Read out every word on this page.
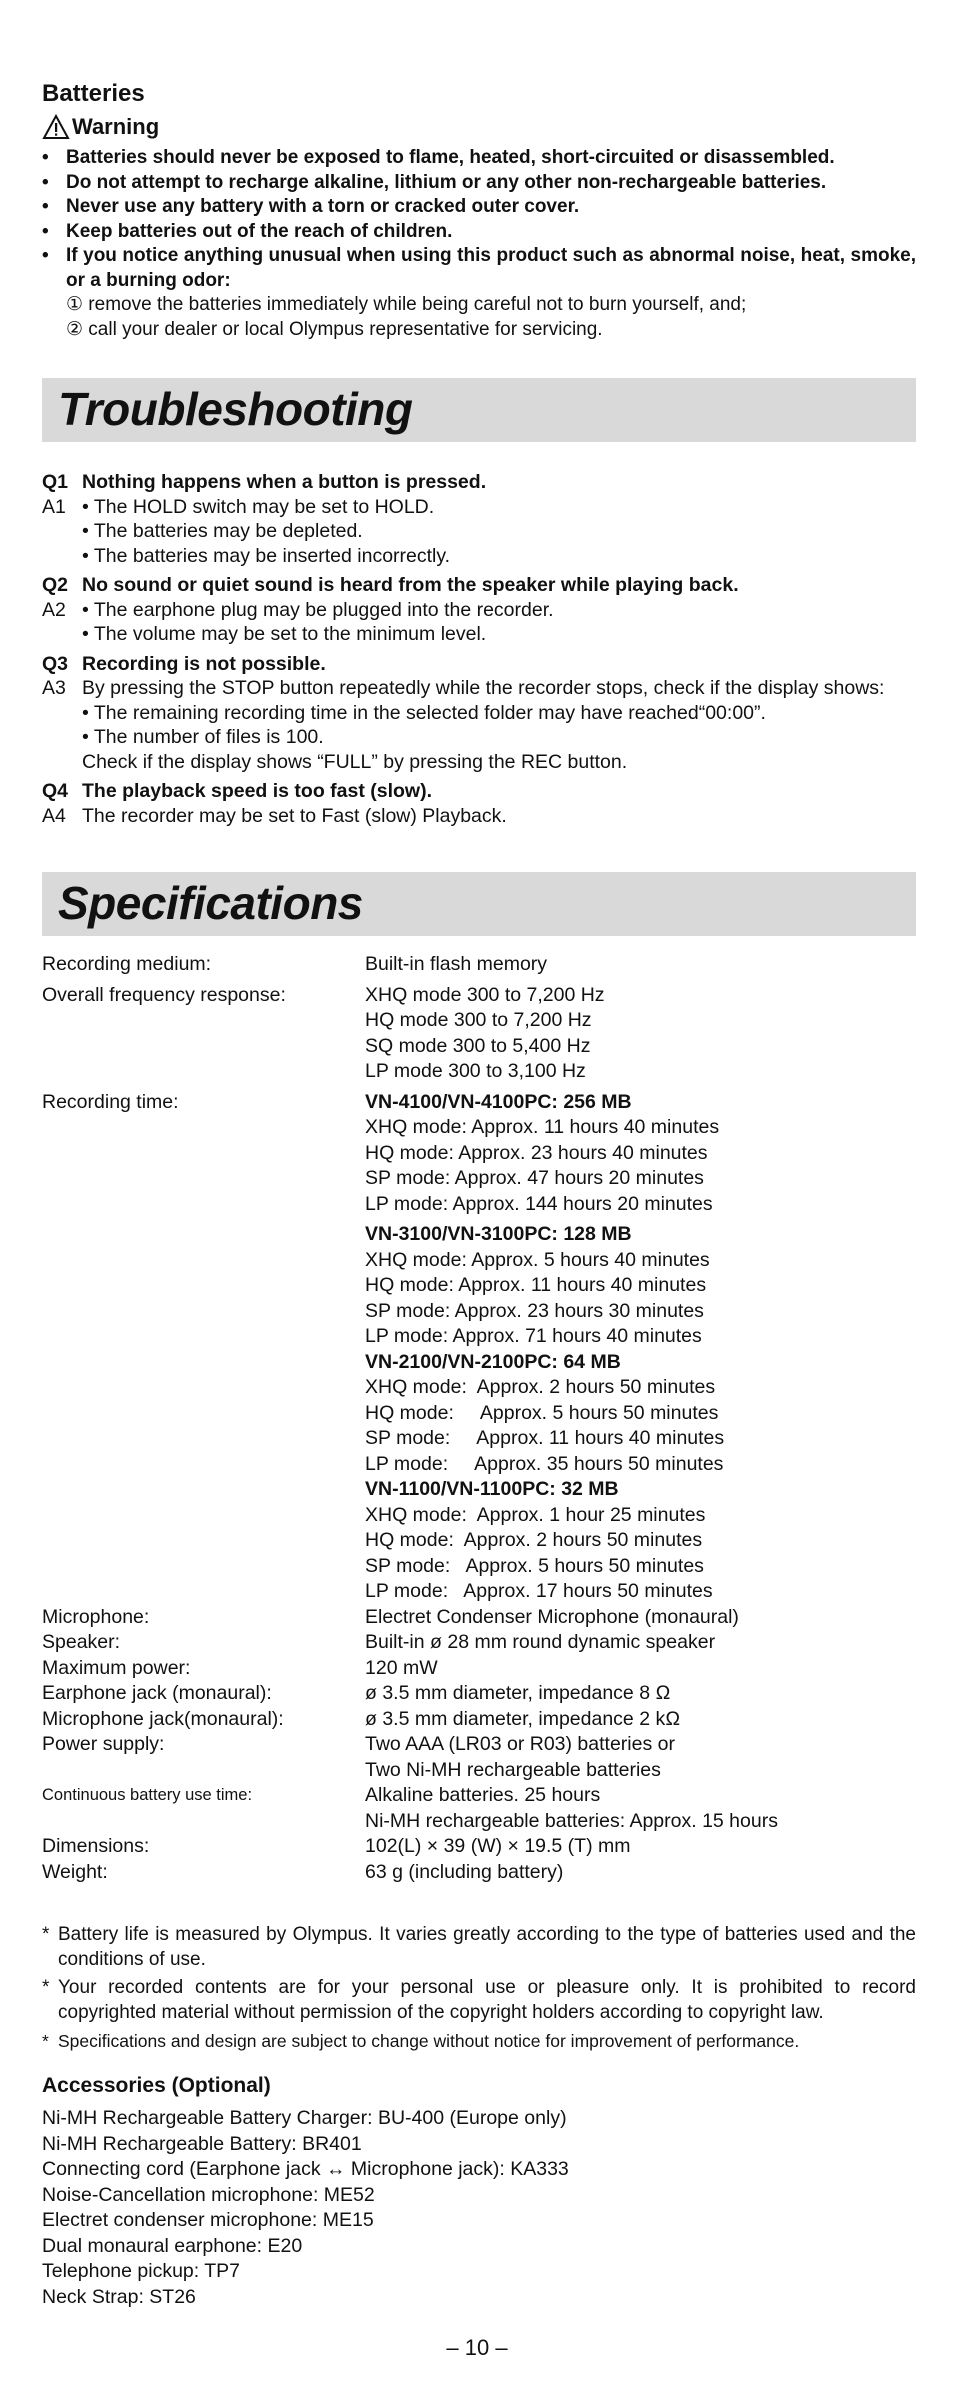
Batteries
Warning
• Batteries should never be exposed to flame, heated, short-circuited or disassembled.
• Do not attempt to recharge alkaline, lithium or any other non-rechargeable batteries.
• Never use any battery with a torn or cracked outer cover.
• Keep batteries out of the reach of children.
• If you notice anything unusual when using this product such as abnormal noise, heat, smoke, or a burning odor:
① remove the batteries immediately while being careful not to burn yourself, and;
② call your dealer or local Olympus representative for servicing.
Troubleshooting
Q1 Nothing happens when a button is pressed.
A1 • The HOLD switch may be set to HOLD.
• The batteries may be depleted.
• The batteries may be inserted incorrectly.
Q2 No sound or quiet sound is heard from the speaker while playing back.
A2 • The earphone plug may be plugged into the recorder.
• The volume may be set to the minimum level.
Q3 Recording is not possible.
A3 By pressing the STOP button repeatedly while the recorder stops, check if the display shows:
• The remaining recording time in the selected folder may have reached“00:00”.
• The number of files is 100.
Check if the display shows “FULL” by pressing the REC button.
Q4 The playback speed is too fast (slow).
A4 The recorder may be set to Fast (slow) Playback.
Specifications
Recording medium:	Built-in flash memory
Overall frequency response:	XHQ mode 300 to 7,200 Hz
HQ mode 300 to 7,200 Hz
SQ mode 300 to 5,400 Hz
LP mode 300 to 3,100 Hz
Recording time:	VN-4100/VN-4100PC: 256 MB
XHQ mode: Approx. 11 hours 40 minutes
HQ mode: Approx. 23 hours 40 minutes
SP mode: Approx. 47 hours 20 minutes
LP mode: Approx. 144 hours 20 minutes
VN-3100/VN-3100PC: 128 MB
XHQ mode: Approx. 5 hours 40 minutes
HQ mode: Approx. 11 hours 40 minutes
SP mode: Approx. 23 hours 30 minutes
LP mode: Approx. 71 hours 40 minutes
VN-2100/VN-2100PC: 64 MB
XHQ mode:  Approx. 2 hours 50 minutes
HQ mode:     Approx. 5 hours 50 minutes
SP mode:     Approx. 11 hours 40 minutes
LP mode:     Approx. 35 hours 50 minutes
VN-1100/VN-1100PC: 32 MB
XHQ mode:  Approx. 1 hour 25 minutes
HQ mode:  Approx. 2 hours 50 minutes
SP mode:   Approx. 5 hours 50 minutes
LP mode:   Approx. 17 hours 50 minutes
Microphone:	Electret Condenser Microphone (monaural)
Speaker:	Built-in ø 28 mm round dynamic speaker
Maximum power:	120 mW
Earphone jack (monaural):	ø 3.5 mm diameter, impedance 8 Ω
Microphone jack(monaural):	ø 3.5 mm diameter, impedance 2 kΩ
Power supply:	Two AAA (LR03 or R03) batteries or
Two Ni-MH rechargeable batteries
Continuous battery use time:	Alkaline batteries. 25 hours
Ni-MH rechargeable batteries: Approx. 15 hours
Dimensions:	102(L) × 39 (W) × 19.5 (T) mm
Weight:	63 g (including battery)
* Battery life is measured by Olympus. It varies greatly according to the type of batteries used and the conditions of use.
* Your recorded contents are for your personal use or pleasure only. It is prohibited to record copyrighted material without permission of the copyright holders according to copyright law.
* Specifications and design are subject to change without notice for improvement of performance.
Accessories (Optional)
Ni-MH Rechargeable Battery Charger: BU-400 (Europe only)
Ni-MH Rechargeable Battery: BR401
Connecting cord (Earphone jack ↔ Microphone jack): KA333
Noise-Cancellation microphone: ME52
Electret condenser microphone: ME15
Dual monaural earphone: E20
Telephone pickup: TP7
Neck Strap: ST26
– 10 –
